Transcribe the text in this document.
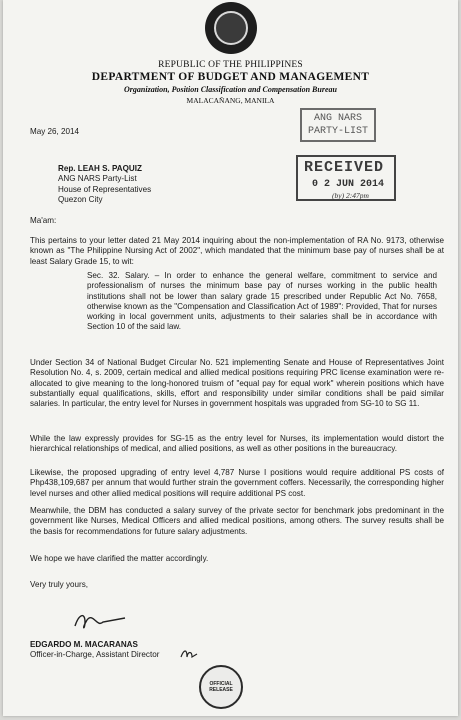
REPUBLIC OF THE PHILIPPINES
DEPARTMENT OF BUDGET AND MANAGEMENT
Organization, Position Classification and Compensation Bureau
MALACAÑANG, MANILA
ANG NARS
PARTY-LIST
RECEIVED
0 2 JUN 2014
(by) 2:47pm
May 26, 2014
Rep. LEAH S. PAQUIZ
ANG NARS Party-List
House of Representatives
Quezon City
Ma'am:
This pertains to your letter dated 21 May 2014 inquiring about the non-implementation of RA No. 9173, otherwise known as "The Philippine Nursing Act of 2002", which mandated that the minimum base pay of nurses shall be at least Salary Grade 15, to wit:
Sec. 32. Salary. – In order to enhance the general welfare, commitment to service and professionalism of nurses the minimum base pay of nurses working in the public health institutions shall not be lower than salary grade 15 prescribed under Republic Act No. 7658, otherwise known as the "Compensation and Classification Act of 1989": Provided, That for nurses working in local government units, adjustments to their salaries shall be in accordance with Section 10 of the said law.
Under Section 34 of National Budget Circular No. 521 implementing Senate and House of Representatives Joint Resolution No. 4, s. 2009, certain medical and allied medical positions requiring PRC license examination were re-allocated to give meaning to the long-honored truism of "equal pay for equal work" wherein positions which have substantially equal qualifications, skills, effort and responsibility under similar conditions shall be paid similar salaries. In particular, the entry level for Nurses in government hospitals was upgraded from SG-10 to SG 11.
While the law expressly provides for SG-15 as the entry level for Nurses, its implementation would distort the hierarchical relationships of medical, and allied positions, as well as other positions in the bureaucracy.
Likewise, the proposed upgrading of entry level 4,787 Nurse I positions would require additional PS costs of Php438,109,687 per annum that would further strain the government coffers. Necessarily, the corresponding higher level nurses and other allied medical positions will require additional PS cost.
Meanwhile, the DBM has conducted a salary survey of the private sector for benchmark jobs predominant in the government like Nurses, Medical Officers and allied medical positions, among others. The survey results shall be the basis for recommendations for future salary adjustments.
We hope we have clarified the matter accordingly.
Very truly yours,
EDGARDO M. MACARANAS
Officer-in-Charge, Assistant Director
OFFICIAL
RELEASE
